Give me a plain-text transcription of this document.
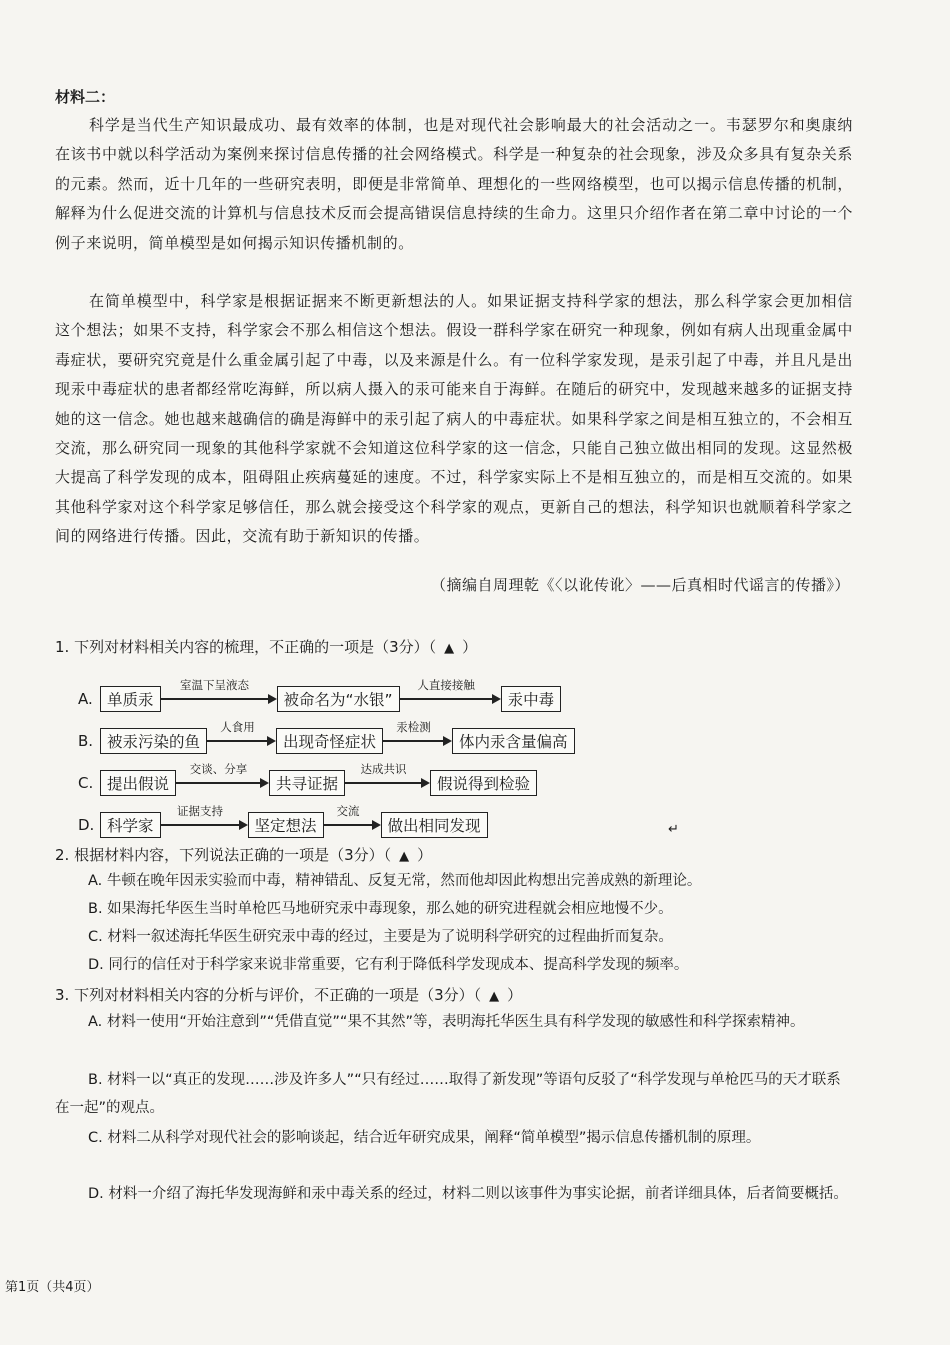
材料二：

科学是当代生产知识最成功、最有效率的体制，也是对现代社会影响最大的社会活动之一。韦瑟罗尔和奥康纳在该书中就以科学活动为案例来探讨信息传播的社会网络模式。科学是一种复杂的社会现象，涉及众多具有复杂关系的元素。然而，近十几年的一些研究表明，即便是非常简单、理想化的一些网络模型，也可以揭示信息传播的机制，解释为什么促进交流的计算机与信息技术反而会提高错误信息持续的生命力。这里只介绍作者在第二章中讨论的一个例子来说明，简单模型是如何揭示知识传播机制的。

在简单模型中，科学家是根据证据来不断更新想法的人。如果证据支持科学家的想法，那么科学家会更加相信这个想法；如果不支持，科学家会不那么相信这个想法。假设一群科学家在研究一种现象，例如有病人出现重金属中毒症状，要研究究竟是什么重金属引起了中毒，以及来源是什么。有一位科学家发现，是汞引起了中毒，并且凡是出现汞中毒症状的患者都经常吃海鲜，所以病人摄入的汞可能来自于海鲜。在随后的研究中，发现越来越多的证据支持她的这一信念。她也越来越确信的确是海鲜中的汞引起了病人的中毒症状。如果科学家之间是相互独立的，不会相互交流，那么研究同一现象的其他科学家就不会知道这位科学家的这一信念，只能自己独立做出相同的发现。这显然极大提高了科学发现的成本，阻碍阻止疾病蔓延的速度。不过，科学家实际上不是相互独立的，而是相互交流的。如果其他科学家对这个科学家足够信任，那么就会接受这个科学家的观点，更新自己的想法，科学知识也就顺着科学家之间的网络进行传播。因此，交流有助于新知识的传播。

（摘编自周理乾《〈以讹传讹〉——后真相时代谣言的传播》）
1. 下列对材料相关内容的梳理，不正确的一项是（3分）（ ▲ ）
A. 单质汞
室温下呈液态
被命名为“水银”
人直接接触
汞中毒
B. 被汞污染的鱼
人食用
出现奇怪症状
汞检测
体内汞含量偏高
C. 提出假说
交谈、分享
共寻证据
达成共识
假说得到检验
D. 科学家
证据支持
坚定想法
交流
做出相同发现	↵
2. 根据材料内容，下列说法正确的一项是（3分）（ ▲ ）
A. 牛顿在晚年因汞实验而中毒，精神错乱、反复无常，然而他却因此构想出完善成熟的新理论。
B. 如果海托华医生当时单枪匹马地研究汞中毒现象，那么她的研究进程就会相应地慢不少。
C. 材料一叙述海托华医生研究汞中毒的经过，主要是为了说明科学研究的过程曲折而复杂。
D. 同行的信任对于科学家来说非常重要，它有利于降低科学发现成本、提高科学发现的频率。
3. 下列对材料相关内容的分析与评价，不正确的一项是（3分）（ ▲ ）

A. 材料一使用“开始注意到”“凭借直觉”“果不其然”等，表明海托华医生具有科学发现的敏感性和科学探索精神。

B. 材料一以“真正的发现……涉及许多人”“只有经过……取得了新发现”等语句反驳了“科学发现与单枪匹马的天才联系在一起”的观点。

C. 材料二从科学对现代社会的影响谈起，结合近年研究成果，阐释“简单模型”揭示信息传播机制的原理。

D. 材料一介绍了海托华发现海鲜和汞中毒关系的经过，材料二则以该事件为事实论据，前者详细具体，后者简要概括。

第1页（共4页）
